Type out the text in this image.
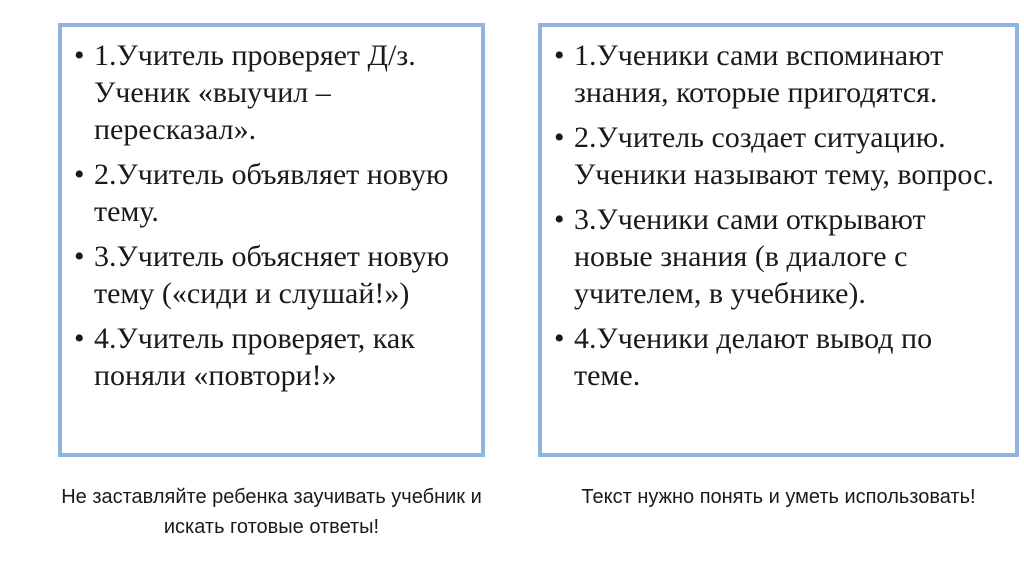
• 1.Учитель проверяет Д/з. Ученик «выучил – пересказал».
• 2.Учитель объявляет новую тему.
• 3.Учитель объясняет новую тему («сиди и слушай!»)
• 4.Учитель проверяет, как поняли «повтори!»
• 1.Ученики сами вспоминают знания, которые пригодятся.
• 2.Учитель создает ситуацию. Ученики называют тему, вопрос.
• 3.Ученики сами открывают новые знания (в диалоге с учителем, в учебнике).
• 4.Ученики делают вывод по теме.
Не заставляйте ребенка заучивать учебник и искать готовые ответы!
Текст нужно понять и уметь использовать!
